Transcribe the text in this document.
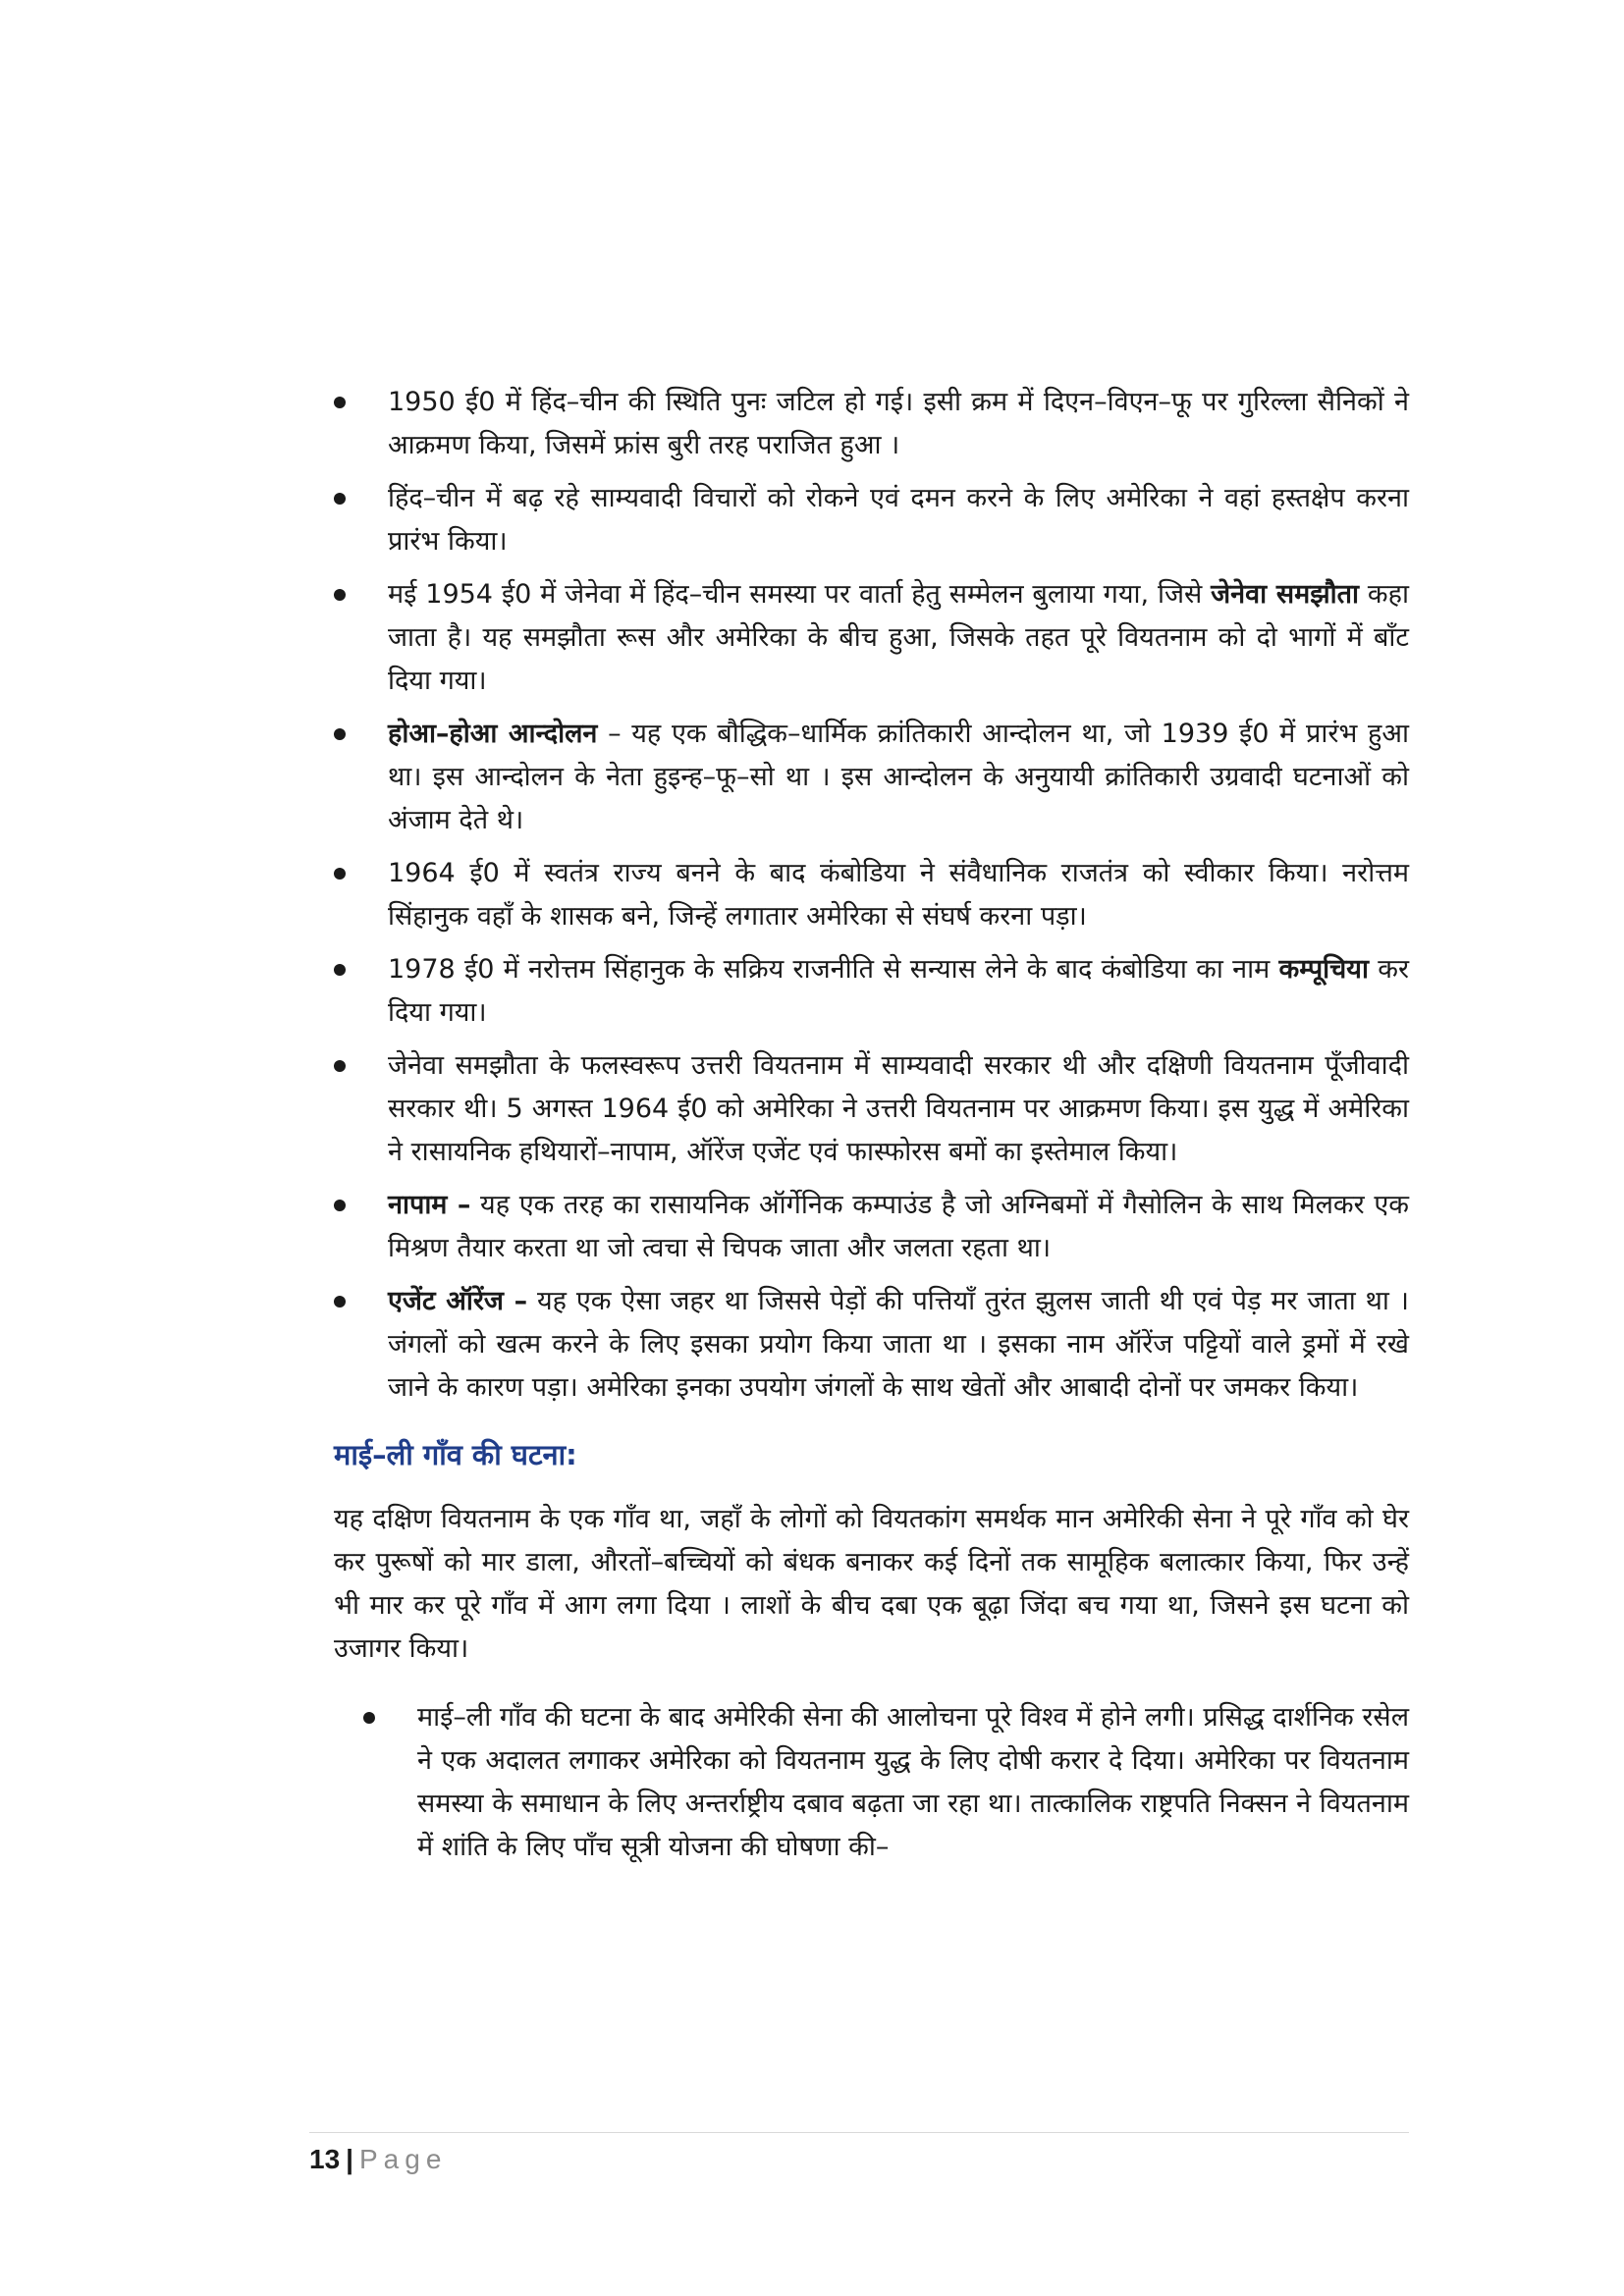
1950 ई0 में हिंद–चीन की स्थिति पुनः जटिल हो गई। इसी क्रम में दिएन–विएन–फू पर गुरिल्ला सैनिकों ने आक्रमण किया, जिसमें फ्रांस बुरी तरह पराजित हुआ ।
हिंद–चीन में बढ़ रहे साम्यवादी विचारों को रोकने एवं दमन करने के लिए अमेरिका ने वहां हस्तक्षेप करना प्रारंभ किया।
मई 1954 ई0 में जेनेवा में हिंद–चीन समस्या पर वार्ता हेतु सम्मेलन बुलाया गया, जिसे जेनेवा समझौता कहा जाता है। यह समझौता रूस और अमेरिका के बीच हुआ, जिसके तहत पूरे वियतनाम को दो भागों में बाँट दिया गया।
होआ–होआ आन्दोलन – यह एक बौद्धिक–धार्मिक क्रांतिकारी आन्दोलन था, जो 1939 ई0 में प्रारंभ हुआ था। इस आन्दोलन के नेता हुइन्ह–फू–सो था । इस आन्दोलन के अनुयायी क्रांतिकारी उग्रवादी घटनाओं को अंजाम देते थे।
1964 ई0 में स्वतंत्र राज्य बनने के बाद कंबोडिया ने संवैधानिक राजतंत्र को स्वीकार किया। नरोत्तम सिंहानुक वहाँ के शासक बने, जिन्हें लगातार अमेरिका से संघर्ष करना पड़ा।
1978 ई0 में नरोत्तम सिंहानुक के सक्रिय राजनीति से सन्यास लेने के बाद कंबोडिया का नाम कम्पूचिया कर दिया गया।
जेनेवा समझौता के फलस्वरूप उत्तरी वियतनाम में साम्यवादी सरकार थी और दक्षिणी वियतनाम पूँजीवादी सरकार थी। 5 अगस्त 1964 ई0 को अमेरिका ने उत्तरी वियतनाम पर आक्रमण किया। इस युद्ध में अमेरिका ने रासायनिक हथियारों–नापाम, ऑरेंज एजेंट एवं फास्फोरस बमों का इस्तेमाल किया।
नापाम – यह एक तरह का रासायनिक ऑर्गेनिक कम्पाउंड है जो अग्निबमों में गैसोलिन के साथ मिलकर एक मिश्रण तैयार करता था जो त्वचा से चिपक जाता और जलता रहता था।
एजेंट ऑरेंज – यह एक ऐसा जहर था जिससे पेड़ों की पत्तियाँ तुरंत झुलस जाती थी एवं पेड़ मर जाता था । जंगलों को खत्म करने के लिए इसका प्रयोग किया जाता था । इसका नाम ऑरेंज पट्टियों वाले ड्रमों में रखे जाने के कारण पड़ा। अमेरिका इनका उपयोग जंगलों के साथ खेतों और आबादी दोनों पर जमकर किया।
माई–ली गाँव की घटना:

यह दक्षिण वियतनाम के एक गाँव था, जहाँ के लोगों को वियतकांग समर्थक मान अमेरिकी सेना ने पूरे गाँव को घेर कर पुरूषों को मार डाला, औरतों–बच्चियों को बंधक बनाकर कई दिनों तक सामूहिक बलात्कार किया, फिर उन्हें भी मार कर पूरे गाँव में आग लगा दिया । लाशों के बीच दबा एक बूढ़ा जिंदा बच गया था, जिसने इस घटना को उजागर किया।

माई–ली गाँव की घटना के बाद अमेरिकी सेना की आलोचना पूरे विश्व में होने लगी। प्रसिद्ध दार्शनिक रसेल ने एक अदालत लगाकर अमेरिका को वियतनाम युद्ध के लिए दोषी करार दे दिया। अमेरिका पर वियतनाम समस्या के समाधान के लिए अन्तर्राष्ट्रीय दबाव बढ़ता जा रहा था। तात्कालिक राष्ट्रपति निक्सन ने वियतनाम में शांति के लिए पाँच सूत्री योजना की घोषणा की–
13 | Page
